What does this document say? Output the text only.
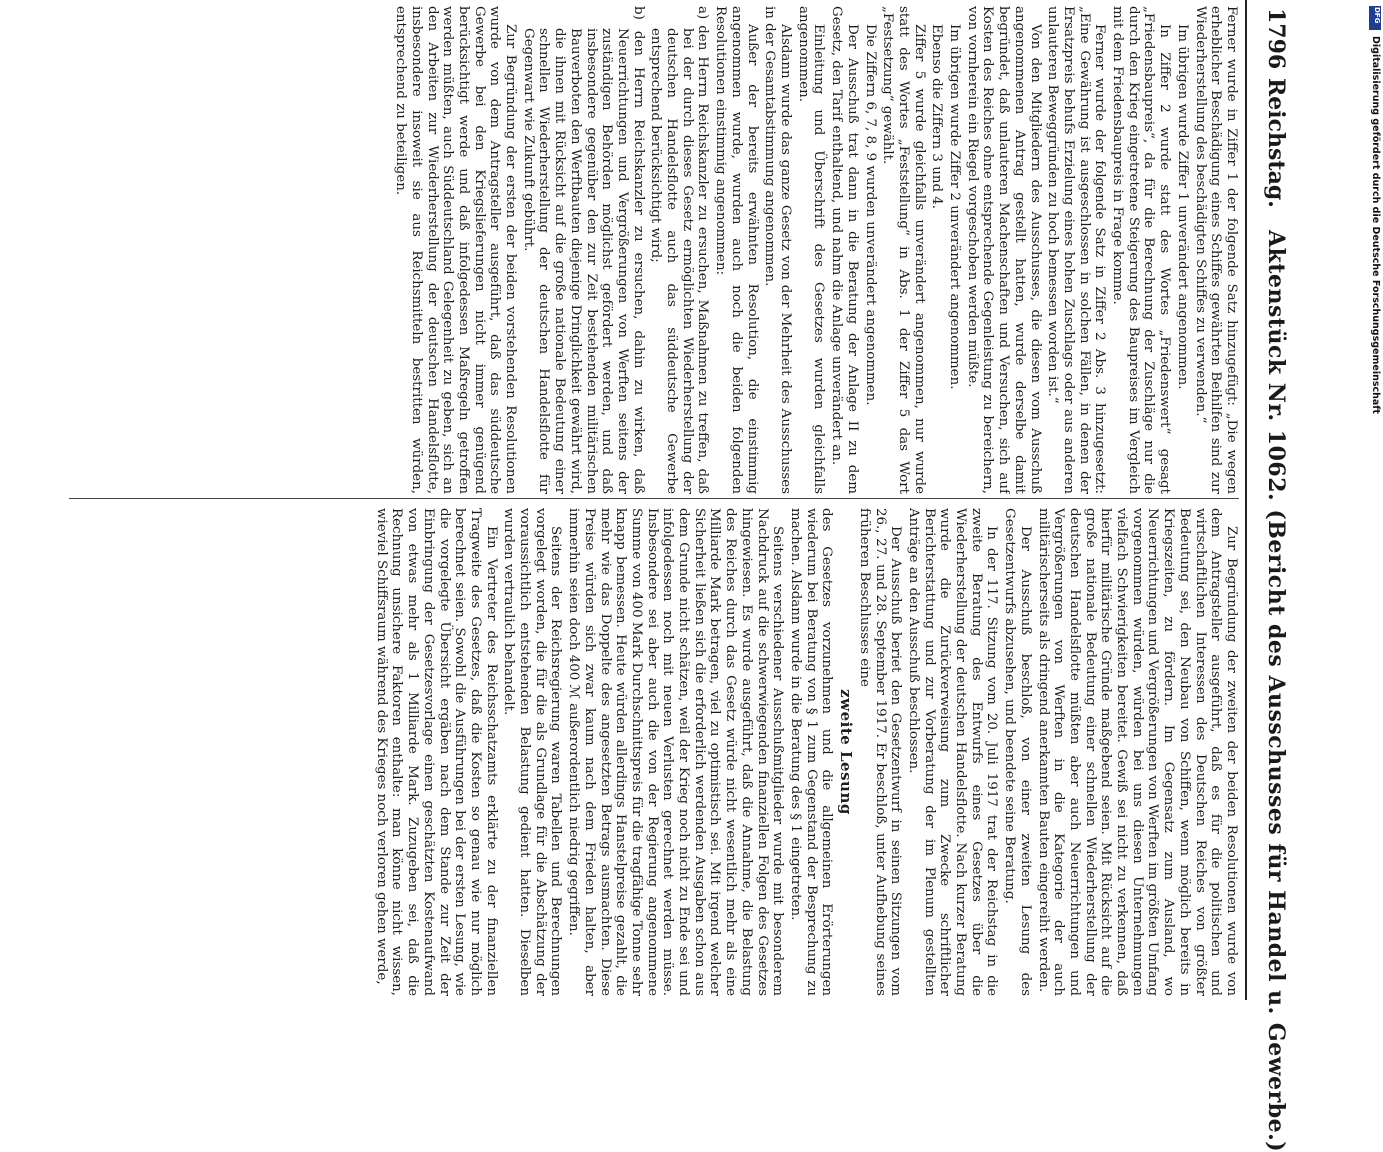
1796
Reichstag.
Aktenstück Nr. 1062. (Bericht des Ausschusses für Handel u. Gewerbe.)

Ferner wurde in Ziffer 1 der folgende Satz hinzugefügt: „Die wegen erheblicher Beschädigung eines Schiffes gewährten Beihilfen sind zur Wiederherstellung des beschädigten Schiffes zu verwenden.“

Im übrigen wurde Ziffer 1 unverändert angenommen.

In Ziffer 2 wurde statt des Wortes „Friedenswert“ gesagt „Friedensbaupreis“, da für die Berechnung der Zuschläge nur die durch den Krieg eingetretene Steigerung des Baupreises im Vergleich mit dem Friedensbaupreis in Frage komme.

Ferner wurde der folgende Satz in Ziffer 2 Abs. 3 hinzugesetzt: „Eine Gewährung ist ausgeschlossen in solchen Fällen, in denen der Ersatzpreis behufs Erzielung eines hohen Zuschlags oder aus anderen unlauteren Beweggründen zu hoch bemessen worden ist.“

Von den Mitgliedern des Ausschusses, die diesen vom Ausschuß angenommenen Antrag gestellt hatten, wurde derselbe damit begründet, daß unlauteren Machenschaften und Versuchen, sich auf Kosten des Reiches ohne entsprechende Gegenleistung zu bereichern, von vornherein ein Riegel vorgeschoben werden müßte.

Im übrigen wurde Ziffer 2 unverändert angenommen.

Ebenso die Ziffern 3 und 4.

Ziffer 5 wurde gleichfalls unverändert angenommen, nur wurde statt des Wortes „Feststellung“ in Abs. 1 der Ziffer 5 das Wort „Festsetzung“ gewählt.

Die Ziffern 6, 7, 8, 9 wurden unverändert angenommen.

Der Ausschuß trat dann in die Beratung der Anlage II zu dem Gesetz, den Tarif enthaltend, und nahm die Anlage unverändert an.

Einleitung und Überschrift des Gesetzes wurden gleichfalls angenommen.

Alsdann wurde das ganze Gesetz von der Mehrheit des Ausschusses in der Gesamtabstimmung angenommen.

Außer der bereits erwähnten Resolution, die einstimmig angenommen wurde, wurden auch noch die beiden folgenden Resolutionen einstimmig angenommen:

a) den Herrn Reichskanzler zu ersuchen, Maßnahmen zu treffen, daß bei der durch dieses Gesetz ermöglichten Wiederherstellung der deutschen Handelsflotte auch das süddeutsche Gewerbe entsprechend berücksichtigt wird;

b) den Herrn Reichskanzler zu ersuchen, dahin zu wirken, daß Neuerrichtungen und Vergrößerungen von Werften seitens der zuständigen Behörden möglichst gefördert werden, und daß insbesondere gegenüber den zur Zeit bestehenden militärischen Bauverboten den Werftbauten diejenige Dringlichkeit gewährt wird, die ihnen mit Rücksicht auf die große nationale Bedeutung einer schnellen Wiederherstellung der deutschen Handelsflotte für Gegenwart wie Zukunft gebührt.

Zur Begründung der ersten der beiden vorstehenden Resolutionen wurde von dem Antragsteller ausgeführt, daß das süddeutsche Gewerbe bei den Kriegslieferungen nicht immer genügend berücksichtigt werde und daß infolgedessen Maßregeln getroffen werden müßten, auch Süddeutschland Gelegenheit zu geben, sich an den Arbeiten zur Wiederherstellung der deutschen Handelsflotte, insbesondere insoweit sie aus Reichsmitteln bestritten würden, entsprechend zu beteiligen.

Zur Begründung der zweiten der beiden Resolutionen wurde von dem Antragsteller ausgeführt, daß es für die politischen und wirtschaftlichen Interessen des Deutschen Reiches von größter Bedeutung sei, den Neubau von Schiffen, wenn möglich bereits in Kriegszeiten, zu fördern. Im Gegensatz zum Ausland, wo Neuerrichtungen und Vergrößerungen von Werften im größten Umfang vorgenommen würden, würden bei uns diesen Unternehmungen vielfach Schwierigkeiten bereitet. Gewiß sei nicht zu verkennen, daß hierfür militärische Gründe maßgebend seien. Mit Rücksicht auf die große nationale Bedeutung einer schnellen Wiederherstellung der deutschen Handelsflotte müßten aber auch Neuerrichtungen und Vergrößerungen von Werften in die Kategorie der auch militärischerseits als dringend anerkannten Bauten eingereiht werden.

Der Ausschuß beschloß, von einer zweiten Lesung des Gesetzentwurfs abzusehen, und beendete seine Beratung.

In der 117. Sitzung vom 20. Juli 1917 trat der Reichstag in die zweite Beratung des Entwurfs eines Gesetzes über die Wiederherstellung der deutschen Handelsflotte. Nach kurzer Beratung wurde die Zurückverweisung zum Zwecke schriftlicher Berichterstattung und zur Vorberatung der im Plenum gestellten Anträge an den Ausschuß beschlossen.

Der Ausschuß beriet den Gesetzentwurf in seinen Sitzungen vom 26., 27. und 28. September 1917. Er beschloß, unter Aufhebung seines früheren Beschlusses eine

zweite Lesung

des Gesetzes vorzunehmen und die allgemeinen Erörterungen wiederum bei Beratung von § 1 zum Gegenstand der Besprechung zu machen. Alsdann wurde in die Beratung des § 1 eingetreten.

Seitens verschiedener Ausschußmitglieder wurde mit besonderem Nachdruck auf die schwerwiegenden finanziellen Folgen des Gesetzes hingewiesen. Es wurde ausgeführt, daß die Annahme, die Belastung des Reiches durch das Gesetz würde nicht wesentlich mehr als eine Milliarde Mark betragen, viel zu optimistisch sei. Mit irgend welcher Sicherheit ließen sich die erforderlich werdenden Ausgaben schon aus dem Grunde nicht schätzen, weil der Krieg noch nicht zu Ende sei und infolgedessen noch mit neuen Verlusten gerechnet werden müsse. Insbesondere sei aber auch die von der Regierung angenommene Summe von 400 Mark Durchschnittspreis für die tragfähige Tonne sehr knapp bemessen. Heute würden allerdings Hanstelpreise gezahlt, die mehr wie das Doppelte des angesetzten Betrags ausmachten. Diese Preise würden sich zwar kaum nach dem Frieden halten, aber immerhin seien doch 400 ℳ außerordentlich niedrig gegriffen.

Seitens der Reichsregierung waren Tabellen und Berechnungen vorgelegt worden, die für die als Grundlage für die Abschätzung der voraussichtlich entstehenden Belastung gedient hatten. Dieselben wurden vertraulich behandelt.

Ein Vertreter des Reichsschatzamts erklärte zu der finanziellen Tragweite des Gesetzes, daß die Kosten so genau wie nur möglich berechnet seien. Sowohl die Ausführungen bei der ersten Lesung, wie die vorgelegte Übersicht ergäben nach dem Stande zur Zeit der Einbringung der Gesetzesvorlage einen geschätzten Kostenaufwand von etwas mehr als 1 Milliarde Mark. Zuzugeben sei, daß die Rechnung unsichere Faktoren enthalte: man könne nicht wissen, wieviel Schiffsraum während des Krieges noch verloren gehen werde,

DFG
Digitalisierung gefördert durch die Deutsche Forschungsgemeinschaft
